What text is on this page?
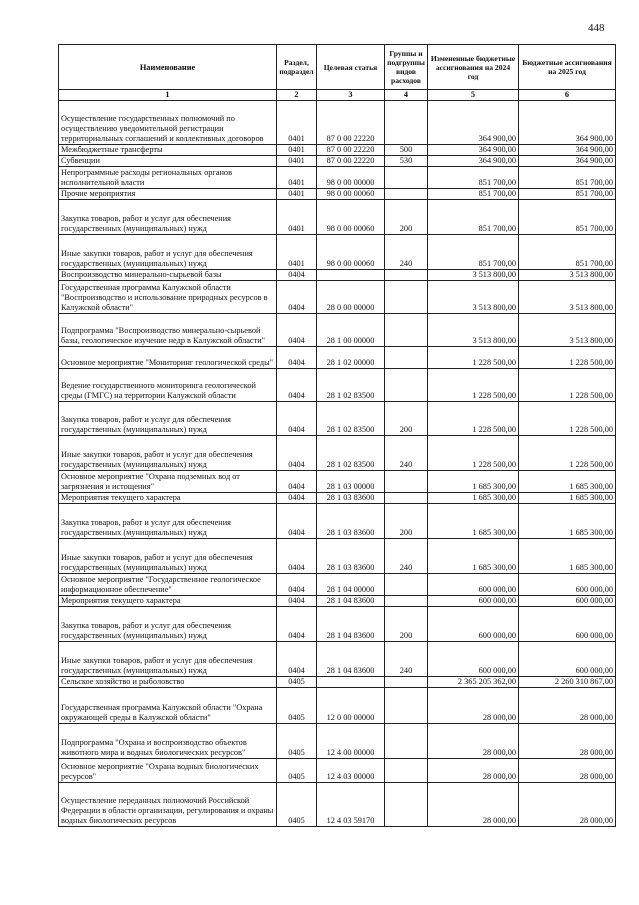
448
Наименование	Раздел, подраздел	Целевая статья	Группы и подгруппы видов расходов	Измененные бюджетные ассигнования на 2024 год	Бюджетные ассигнования на 2025 год
1	2	3	4	5	6
Осуществление государственных полномочий по осуществлению уведомительной регистрации территориальных соглашений и коллективных договоров	0401	87 0 00 22220		364 900,00	364 900,00
Межбюджетные трансферты	0401	87 0 00 22220	500	364 900,00	364 900,00
Субвенции	0401	87 0 00 22220	530	364 900,00	364 900,00
Непрограммные расходы региональных органов исполнительной власти	0401	98 0 00 00000		851 700,00	851 700,00
Прочие мероприятия	0401	98 0 00 00060		851 700,00	851 700,00
Закупка товаров, работ и услуг для обеспечения государственных (муниципальных) нужд	0401	98 0 00 00060	200	851 700,00	851 700,00
Иные закупки товаров, работ и услуг для обеспечения государственных (муниципальных) нужд	0401	98 0 00 00060	240	851 700,00	851 700,00
Воспроизводство минерально-сырьевой базы	0404			3 513 800,00	3 513 800,00
Государственная программа Калужской области "Воспроизводство и использование природных ресурсов в Калужской области"	0404	28 0 00 00000		3 513 800,00	3 513 800,00
Подпрограмма "Воспроизводство минерально-сырьевой базы, геологическое изучение недр в Калужской области"	0404	28 1 00 00000		3 513 800,00	3 513 800,00
Основное мероприятие "Мониторинг геологической среды"	0404	28 1 02 00000		1 228 500,00	1 228 500,00
Ведение государственного мониторинга геологической среды (ГМГС) на территории Калужской области	0404	28 1 02 83500		1 228 500,00	1 228 500,00
Закупка товаров, работ и услуг для обеспечения государственных (муниципальных) нужд	0404	28 1 02 83500	200	1 228 500,00	1 228 500,00
Иные закупки товаров, работ и услуг для обеспечения государственных (муниципальных) нужд	0404	28 1 02 83500	240	1 228 500,00	1 228 500,00
Основное мероприятие "Охрана подземных вод от загрязнения и истощения"	0404	28 1 03 00000		1 685 300,00	1 685 300,00
Мероприятия текущего характера	0404	28 1 03 83600		1 685 300,00	1 685 300,00
Закупка товаров, работ и услуг для обеспечения государственных (муниципальных) нужд	0404	28 1 03 83600	200	1 685 300,00	1 685 300,00
Иные закупки товаров, работ и услуг для обеспечения государственных (муниципальных) нужд	0404	28 1 03 83600	240	1 685 300,00	1 685 300,00
Основное мероприятие "Государственное геологическое информационное обеспечение"	0404	28 1 04 00000		600 000,00	600 000,00
Мероприятия текущего характера	0404	28 1 04 83600		600 000,00	600 000,00
Закупка товаров, работ и услуг для обеспечения государственных (муниципальных) нужд	0404	28 1 04 83600	200	600 000,00	600 000,00
Иные закупки товаров, работ и услуг для обеспечения государственных (муниципальных) нужд	0404	28 1 04 83600	240	600 000,00	600 000,00
Сельское хозяйство и рыболовство	0405			2 365 205 362,00	2 260 310 867,00
Государственная программа Калужской области "Охрана окружающей среды в Калужской области"	0405	12 0 00 00000		28 000,00	28 000,00
Подпрограмма "Охрана и воспроизводство объектов животного мира и водных биологических ресурсов"	0405	12 4 00 00000		28 000,00	28 000,00
Основное мероприятие "Охрана водных биологических ресурсов"	0405	12 4 03 00000		28 000,00	28 000,00
Осуществление переданных полномочий Российской Федерации в области организации, регулирования и охраны водных биологических ресурсов	0405	12 4 03 59170		28 000,00	28 000,00
